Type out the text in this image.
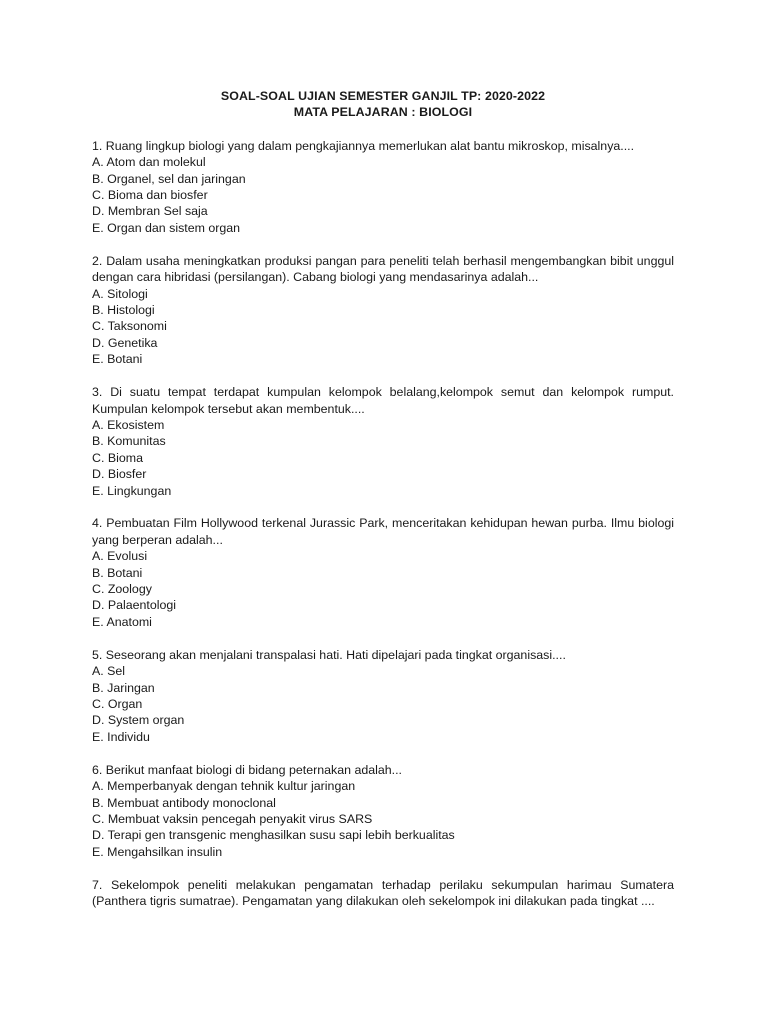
SOAL-SOAL UJIAN SEMESTER GANJIL TP: 2020-2022
MATA PELAJARAN : BIOLOGI
1. Ruang lingkup biologi yang dalam pengkajiannya memerlukan alat bantu mikroskop, misalnya....
A. Atom dan molekul
B. Organel, sel dan jaringan
C. Bioma dan biosfer
D. Membran Sel saja
E. Organ dan sistem organ
2. Dalam usaha meningkatkan produksi pangan para peneliti telah berhasil mengembangkan bibit unggul dengan cara hibridasi (persilangan). Cabang biologi yang mendasarinya adalah...
A. Sitologi
B. Histologi
C. Taksonomi
D. Genetika
E. Botani
3. Di suatu tempat terdapat kumpulan kelompok belalang,kelompok semut dan kelompok rumput. Kumpulan kelompok tersebut akan membentuk....
A. Ekosistem
B. Komunitas
C. Bioma
D. Biosfer
E. Lingkungan
4. Pembuatan Film Hollywood terkenal Jurassic Park, menceritakan kehidupan hewan purba. Ilmu biologi yang berperan adalah...
A. Evolusi
B. Botani
C. Zoology
D. Palaentologi
E. Anatomi
5. Seseorang akan menjalani transpalasi hati. Hati dipelajari pada tingkat organisasi....
A. Sel
B. Jaringan
C. Organ
D. System organ
E. Individu
6. Berikut manfaat biologi di bidang peternakan adalah...
A. Memperbanyak dengan tehnik kultur jaringan
B. Membuat antibody monoclonal
C. Membuat vaksin pencegah penyakit virus SARS
D. Terapi gen transgenic menghasilkan susu sapi lebih berkualitas
E. Mengahsilkan insulin
7. Sekelompok peneliti melakukan pengamatan terhadap perilaku sekumpulan harimau Sumatera (Panthera tigris sumatrae). Pengamatan yang dilakukan oleh sekelompok ini dilakukan pada tingkat ....
